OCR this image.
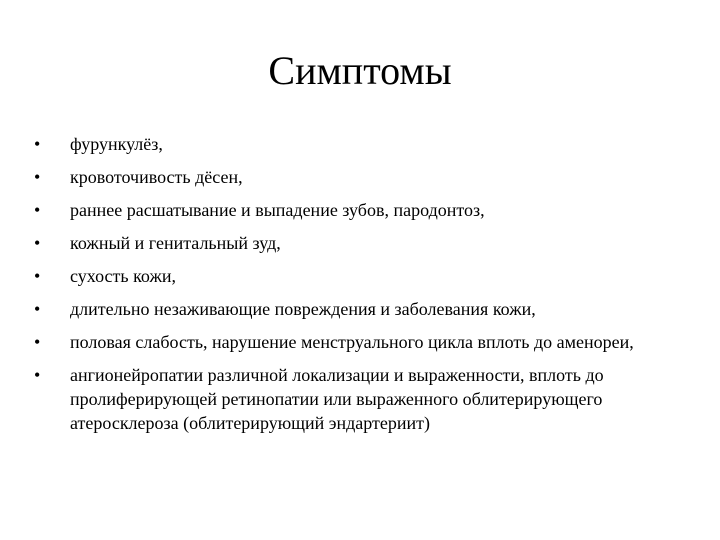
Симптомы
•	фурункулёз,
•	кровоточивость дёсен,
•	раннее расшатывание и выпадение зубов, пародонтоз,
•	кожный и генитальный зуд,
•	сухость кожи,
•	длительно незаживающие повреждения и заболевания кожи,
•	половая слабость, нарушение менструального цикла вплоть до аменореи,
•	ангионейропатии различной локализации и выраженности, вплоть до пролиферирующей ретинопатии или выраженного облитерирующего атеросклероза (облитерирующий эндартериит)
